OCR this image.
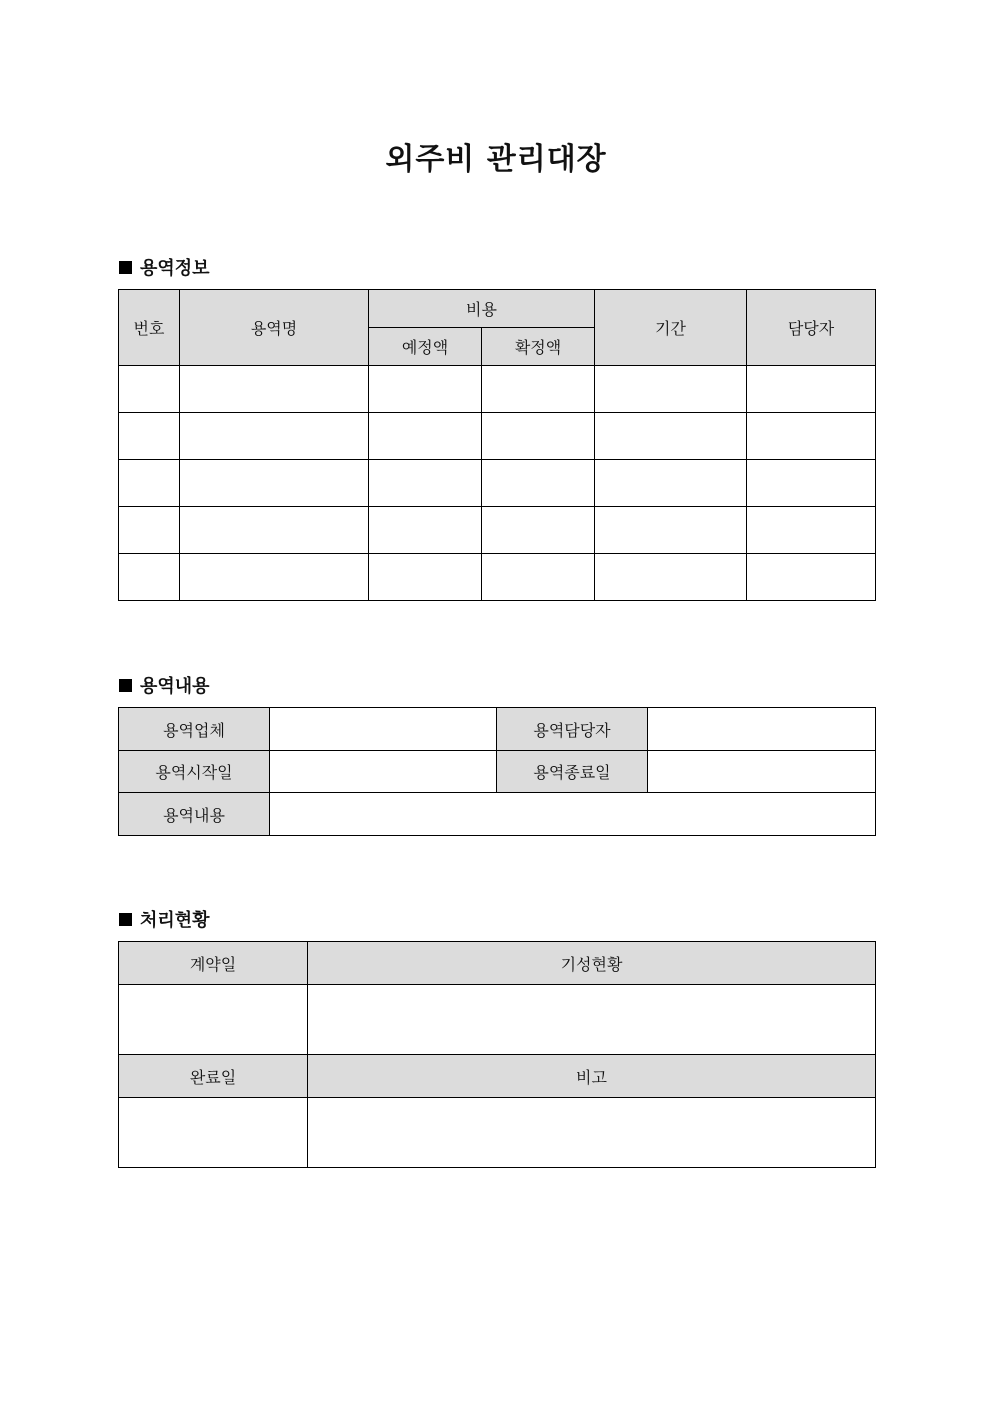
외주비 관리대장
용역정보
번호	용역명	비용		기간	담당자
		예정액	확정액		

용역내용
용역업체		용역담당자	
용역시작일		용역종료일	
용역내용			
처리현황
계약일	기성현황

완료일	비고
